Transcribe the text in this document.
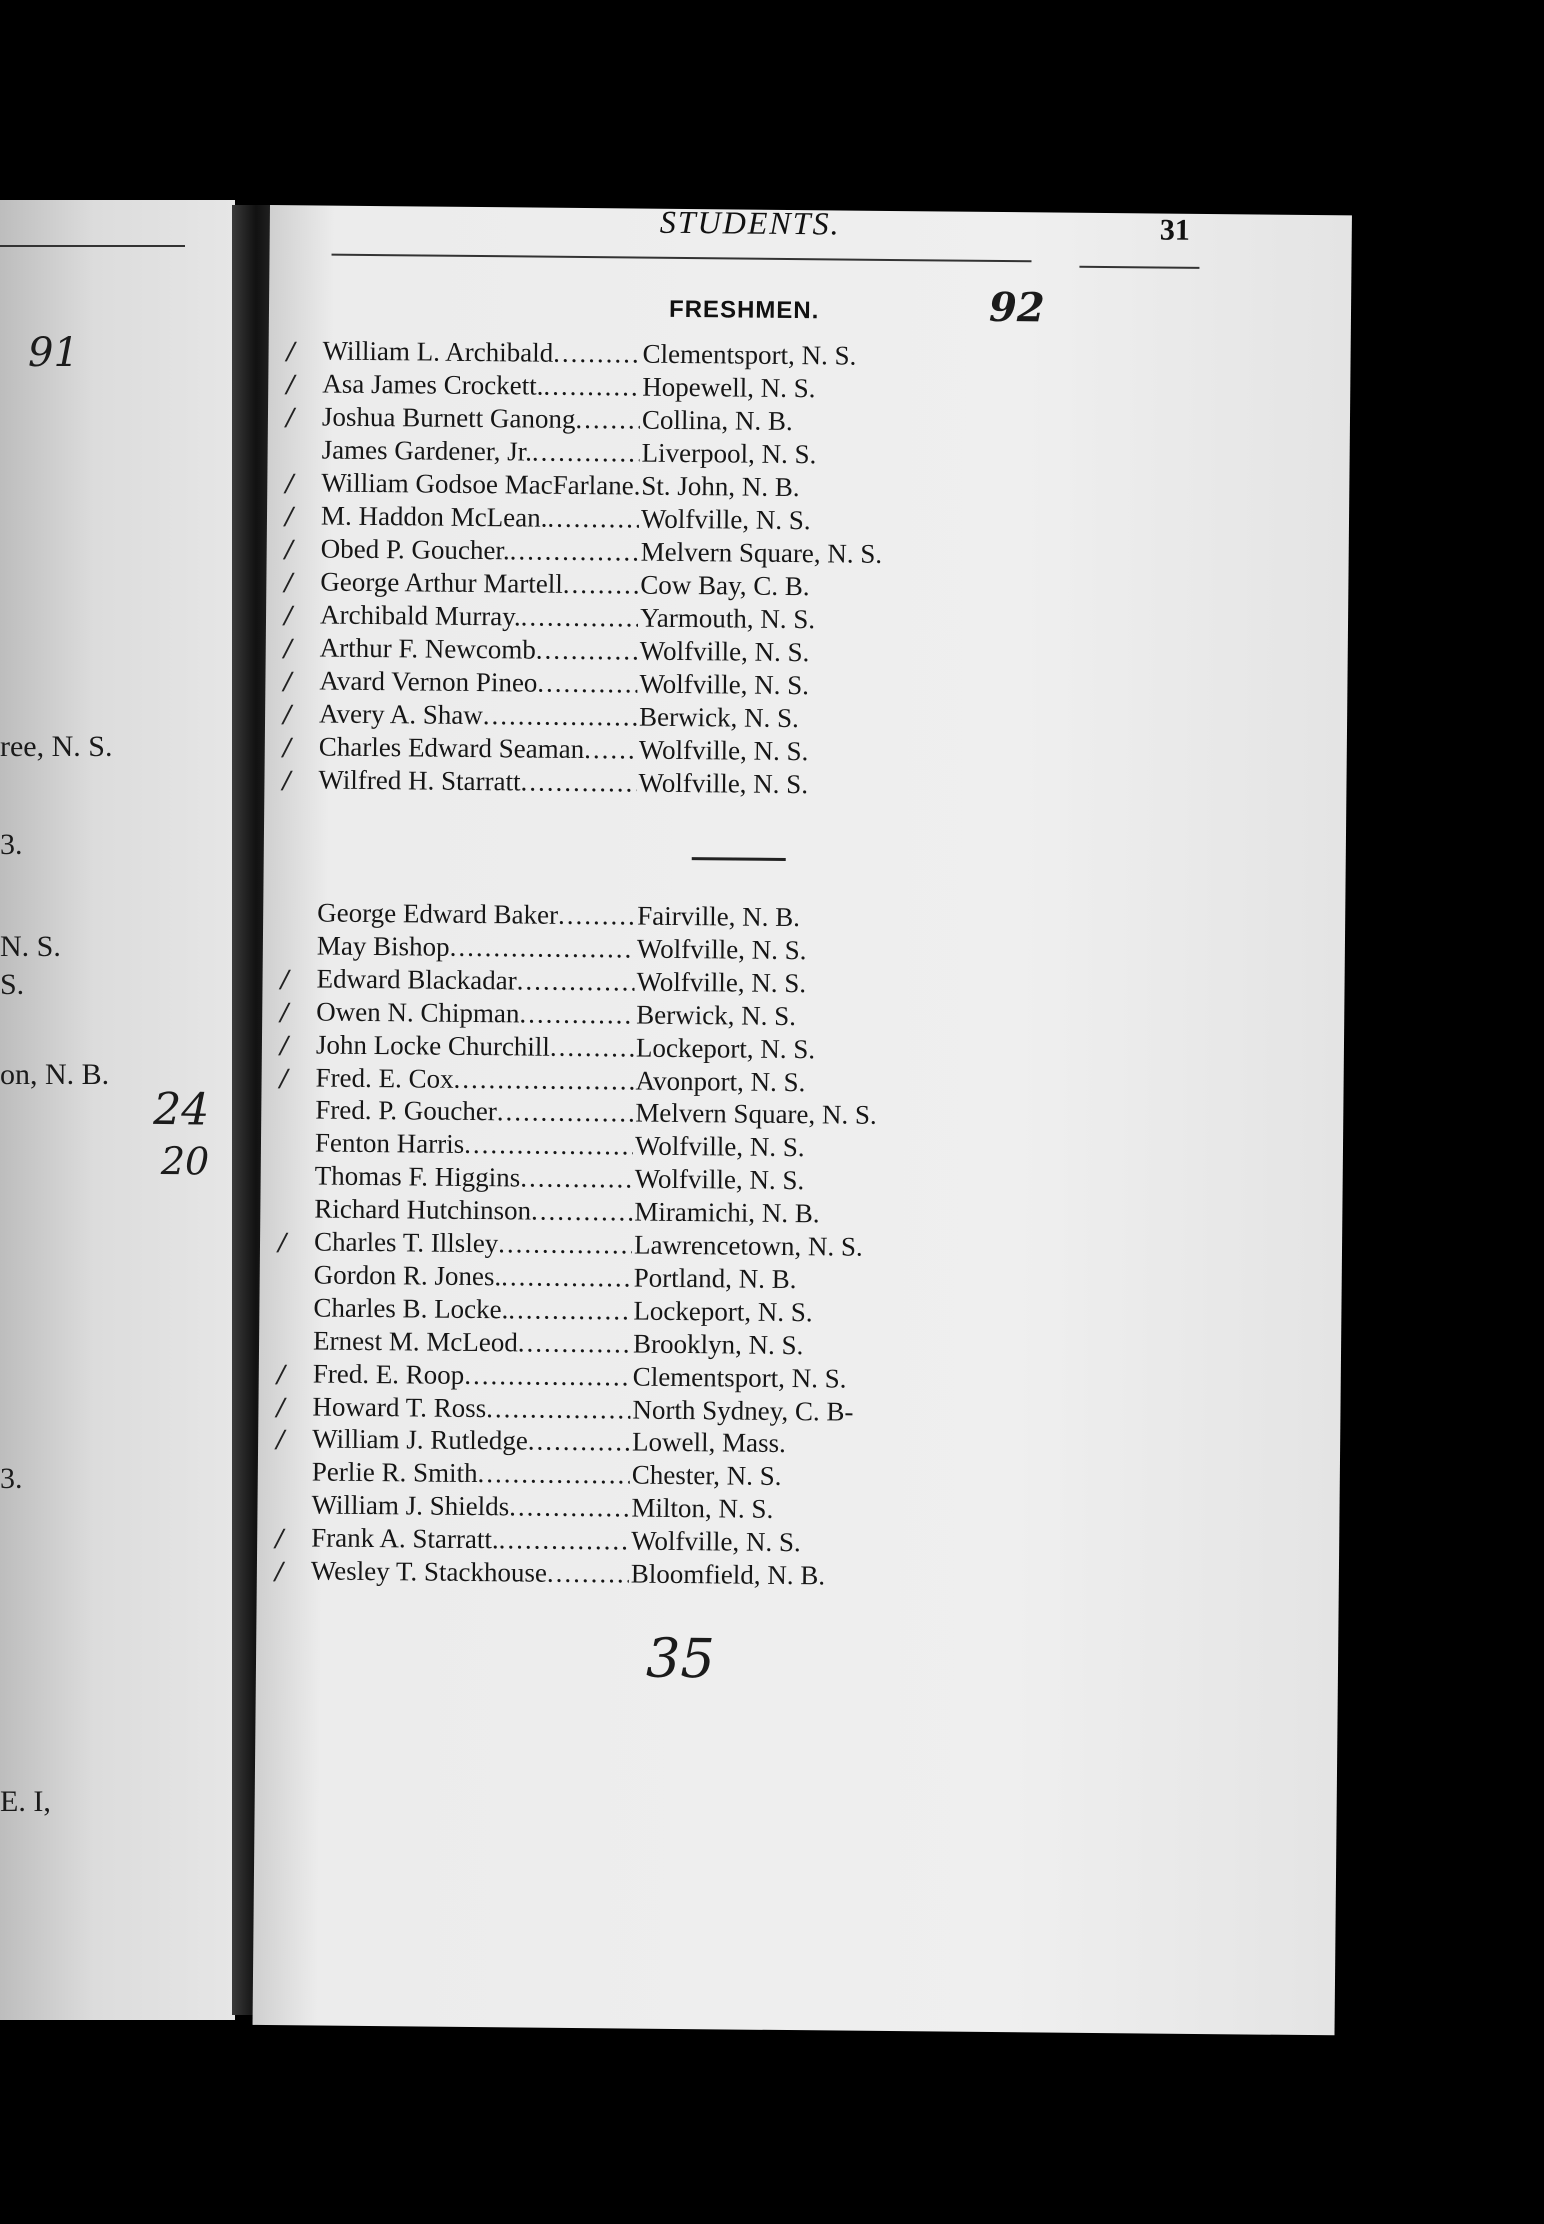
91
ree, N. S.
3.
N. S.
S.
on, N. B.
3.
E. I,
STUDENTS.	31
FRESHMEN.	92
/ William L. Archibald .....	Clementsport, N. S.
/ Asa James Crockett. .....	Hopewell, N. S.
/ Joshua Burnett Ganong ..... Collina, N. B.
James Gardener, Jr. .....	Liverpool, N. S.
/ William Godsoe MacFarlane ..... St. John, N. B.
/ M. Haddon McLean. .....	Wolfville, N. S.
/ Obed P. Goucher. .....	Melvern Square, N. S.
/ George Arthur Martell .....	Cow Bay, C. B.
/ Archibald Murray. .....	Yarmouth, N. S.
/ Arthur F. Newcomb .....	Wolfville, N. S.
/ Avard Vernon Pineo .....	Wolfville, N. S.
/ Avery A. Shaw .....	Berwick, N. S.
/ Charles Edward Seaman ..... Wolfville, N. S.
/ Wilfred H. Starratt .....	Wolfville, N. S.
George Edward Baker .....	Fairville, N. B.
May Bishop .....	Wolfville, N. S.
/ Edward Blackadar .....	Wolfville, N. S.
/ Owen N. Chipman .....	Berwick, N. S.
/ John Locke Churchill .....	Lockeport, N. S.
/ Fred. E. Cox .....	Avonport, N. S.
Fred. P. Goucher .....	Melvern Square, N. S.
Fenton Harris .....	Wolfville, N. S.
Thomas F. Higgins .....	Wolfville, N. S.
Richard Hutchinson .....	Miramichi, N. B.
/ Charles T. Illsley .....	Lawrencetown, N. S.
Gordon R. Jones. .....	Portland, N. B.
Charles B. Locke. .....	Lockeport, N. S.
Ernest M. McLeod .....	Brooklyn, N. S.
/ Fred. E. Roop .....	Clementsport, N. S.
/ Howard T. Ross .....	North Sydney, C. B-
/ William J. Rutledge .....	Lowell, Mass.
Perlie R. Smith .....	Chester, N. S.
William J. Shields .....	Milton, N. S.
/ Frank A. Starratt. .....	Wolfville, N. S.
/ Wesley T. Stackhouse .....	Bloomfield, N. B.
24
20
35
